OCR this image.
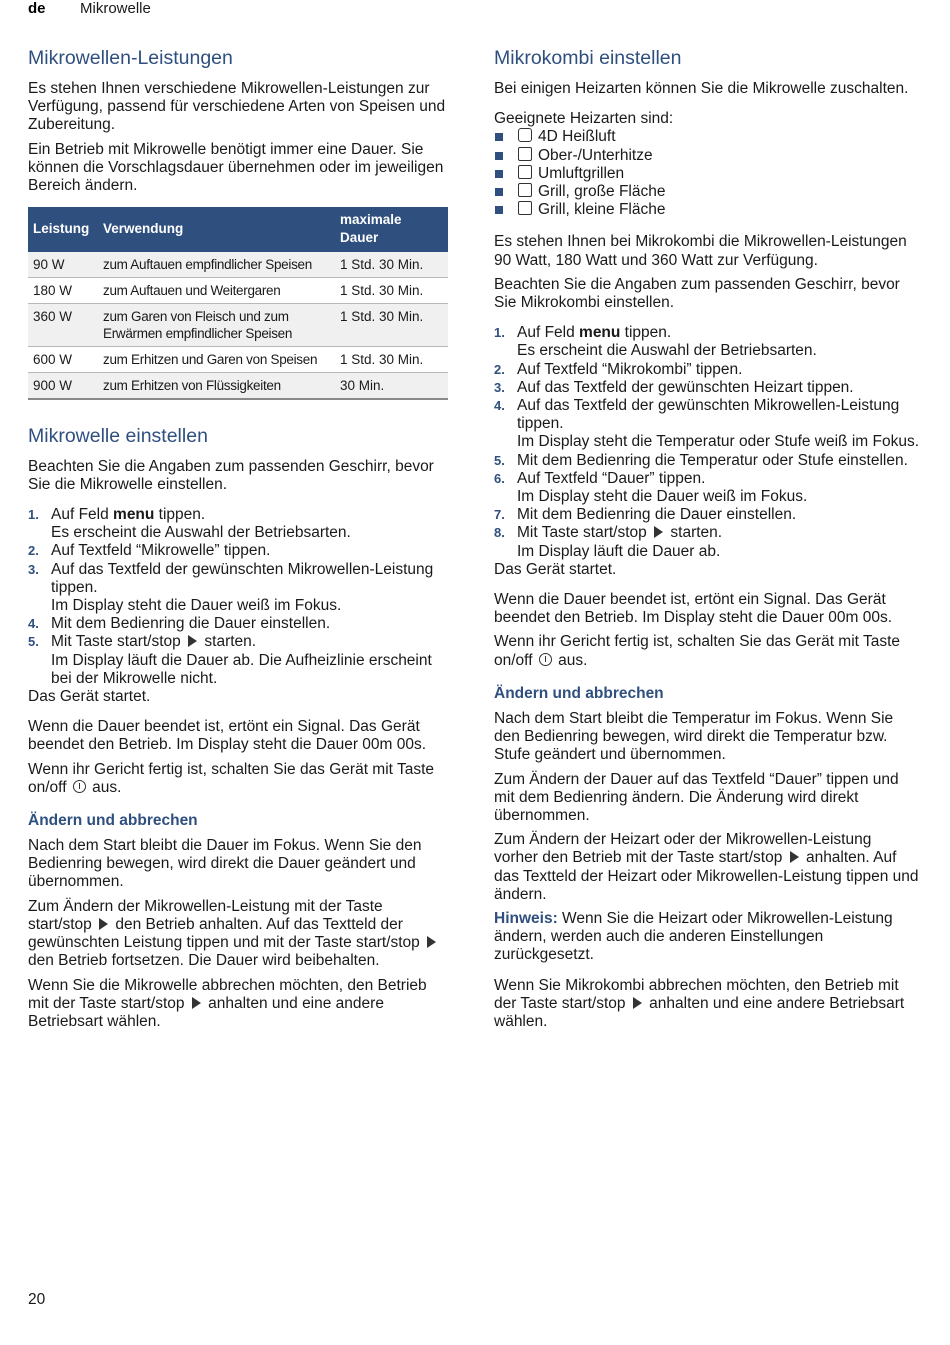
de Mikrowelle
Mikrowellen-Leistungen

Es stehen Ihnen verschiedene Mikrowellen-Leistungen zur Verfügung, passend für verschiedene Arten von Speisen und Zubereitung.

Ein Betrieb mit Mikrowelle benötigt immer eine Dauer. Sie können die Vorschlagsdauer übernehmen oder im jeweiligen Bereich ändern.

Leistung	Verwendung	maximale Dauer
90 W	zum Auftauen empfindlicher Speisen	1 Std. 30 Min.
180 W	zum Auftauen und Weitergaren	1 Std. 30 Min.
360 W	zum Garen von Fleisch und zum Erwärmen empfindlicher Speisen	1 Std. 30 Min.
600 W	zum Erhitzen und Garen von Speisen	1 Std. 30 Min.
900 W	zum Erhitzen von Flüssigkeiten	30 Min.
Mikrowelle einstellen

Beachten Sie die Angaben zum passenden Geschirr, bevor Sie die Mikrowelle einstellen.

1. Auf Feld menu tippen.
Es erscheint die Auswahl der Betriebsarten.
2. Auf Textfeld “Mikrowelle” tippen.
3. Auf das Textfeld der gewünschten Mikrowellen-Leistung tippen.
Im Display steht die Dauer weiß im Fokus.
4. Mit dem Bedienring die Dauer einstellen.
5. Mit Taste start/stop  starten.
Im Display läuft die Dauer ab. Die Aufheizlinie erscheint bei der Mikrowelle nicht.

Das Gerät startet.

Wenn die Dauer beendet ist, ertönt ein Signal. Das Gerät beendet den Betrieb. Im Display steht die Dauer 00m 00s.

Wenn ihr Gericht fertig ist, schalten Sie das Gerät mit Taste on/off  aus.

Ändern und abbrechen

Nach dem Start bleibt die Dauer im Fokus. Wenn Sie den Bedienring bewegen, wird direkt die Dauer geändert und übernommen.

Zum Ändern der Mikrowellen-Leistung mit der Taste start/stop  den Betrieb anhalten. Auf das Textteld der gewünschten Leistung tippen und mit der Taste start/stop  den Betrieb fortsetzen. Die Dauer wird beibehalten.

Wenn Sie die Mikrowelle abbrechen möchten, den Betrieb mit der Taste start/stop  anhalten und eine andere Betriebsart wählen.

Mikrokombi einstellen

Bei einigen Heizarten können Sie die Mikrowelle zuschalten.

Geeignete Heizarten sind:

4D Heißluft
Ober-/Unterhitze
Umluftgrillen
Grill, große Fläche
Grill, kleine Fläche

Es stehen Ihnen bei Mikrokombi die Mikrowellen-Leistungen 90 Watt, 180 Watt und 360 Watt zur Verfügung.

Beachten Sie die Angaben zum passenden Geschirr, bevor Sie Mikrokombi einstellen.

1. Auf Feld menu tippen.
Es erscheint die Auswahl der Betriebsarten.
2. Auf Textfeld “Mikrokombi” tippen.
3. Auf das Textfeld der gewünschten Heizart tippen.
4. Auf das Textfeld der gewünschten Mikrowellen-Leistung tippen.
Im Display steht die Temperatur oder Stufe weiß im Fokus.
5. Mit dem Bedienring die Temperatur oder Stufe einstellen.
6. Auf Textfeld “Dauer” tippen.
Im Display steht die Dauer weiß im Fokus.
7. Mit dem Bedienring die Dauer einstellen.
8. Mit Taste start/stop  starten.
Im Display läuft die Dauer ab.

Das Gerät startet.

Wenn die Dauer beendet ist, ertönt ein Signal. Das Gerät beendet den Betrieb. Im Display steht die Dauer 00m 00s.

Wenn ihr Gericht fertig ist, schalten Sie das Gerät mit Taste on/off  aus.

Ändern und abbrechen

Nach dem Start bleibt die Temperatur im Fokus. Wenn Sie den Bedienring bewegen, wird direkt die Temperatur bzw. Stufe geändert und übernommen.

Zum Ändern der Dauer auf das Textfeld “Dauer” tippen und mit dem Bedienring ändern. Die Änderung wird direkt übernommen.

Zum Ändern der Heizart oder der Mikrowellen-Leistung vorher den Betrieb mit der Taste start/stop  anhalten. Auf das Textteld der Heizart oder Mikrowellen-Leistung tippen und ändern.

Hinweis: Wenn Sie die Heizart oder Mikrowellen-Leistung ändern, werden auch die anderen Einstellungen zurückgesetzt.

Wenn Sie Mikrokombi abbrechen möchten, den Betrieb mit der Taste start/stop  anhalten und eine andere Betriebsart wählen.

20
